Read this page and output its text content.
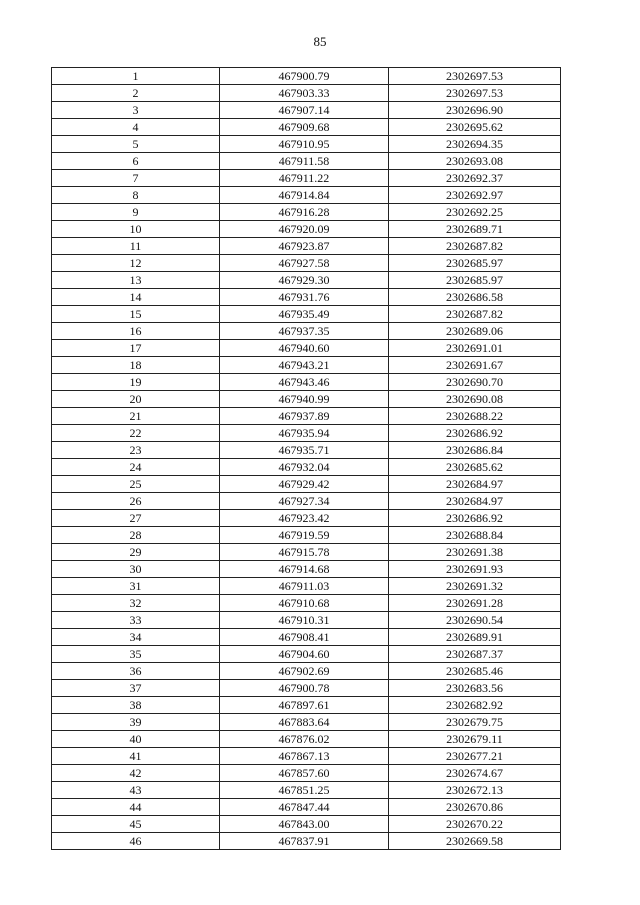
85
1	467900.79	2302697.53
2	467903.33	2302697.53
3	467907.14	2302696.90
4	467909.68	2302695.62
5	467910.95	2302694.35
6	467911.58	2302693.08
7	467911.22	2302692.37
8	467914.84	2302692.97
9	467916.28	2302692.25
10	467920.09	2302689.71
11	467923.87	2302687.82
12	467927.58	2302685.97
13	467929.30	2302685.97
14	467931.76	2302686.58
15	467935.49	2302687.82
16	467937.35	2302689.06
17	467940.60	2302691.01
18	467943.21	2302691.67
19	467943.46	2302690.70
20	467940.99	2302690.08
21	467937.89	2302688.22
22	467935.94	2302686.92
23	467935.71	2302686.84
24	467932.04	2302685.62
25	467929.42	2302684.97
26	467927.34	2302684.97
27	467923.42	2302686.92
28	467919.59	2302688.84
29	467915.78	2302691.38
30	467914.68	2302691.93
31	467911.03	2302691.32
32	467910.68	2302691.28
33	467910.31	2302690.54
34	467908.41	2302689.91
35	467904.60	2302687.37
36	467902.69	2302685.46
37	467900.78	2302683.56
38	467897.61	2302682.92
39	467883.64	2302679.75
40	467876.02	2302679.11
41	467867.13	2302677.21
42	467857.60	2302674.67
43	467851.25	2302672.13
44	467847.44	2302670.86
45	467843.00	2302670.22
46	467837.91	2302669.58
